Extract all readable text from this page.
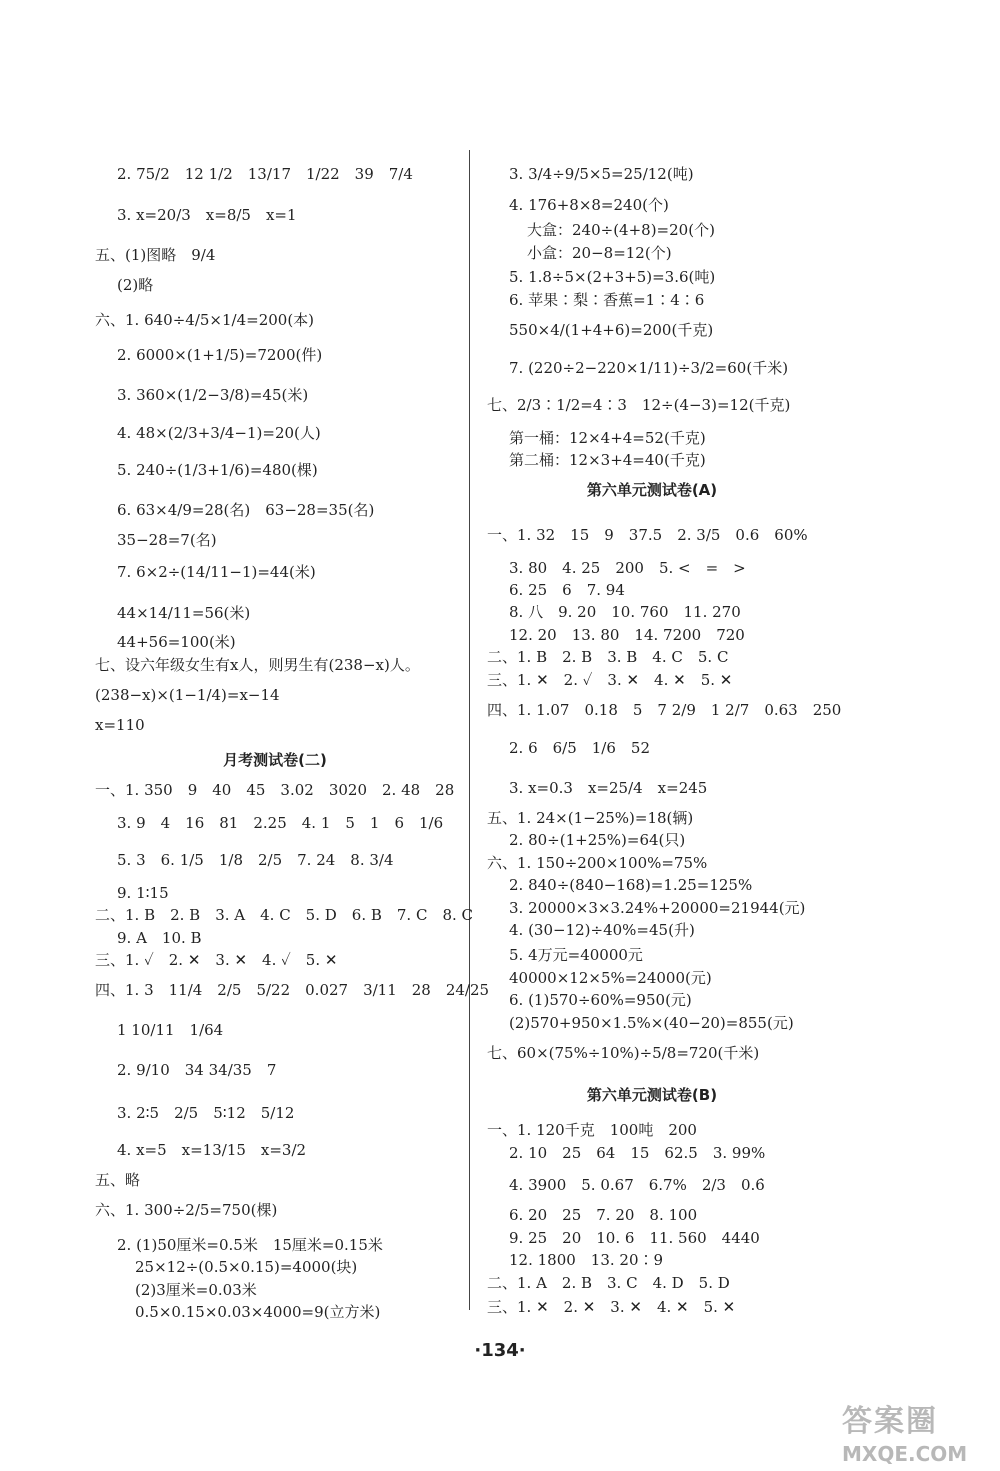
2. 75/2　12 1/2　13/17　1/22　39　7/4
3. x=20/3　x=8/5　x=1
五、(1)图略　9/4
(2)略
六、1. 640÷4/5×1/4=200(本)
2. 6000×(1+1/5)=7200(件)
3. 360×(1/2−3/8)=45(米)
4. 48×(2/3+3/4−1)=20(人)
5. 240÷(1/3+1/6)=480(棵)
6. 63×4/9=28(名)　63−28=35(名)
35−28=7(名)
7. 6×2÷(14/11−1)=44(米)
44×14/11=56(米)
44+56=100(米)
七、设六年级女生有x人，则男生有(238−x)人。
(238−x)×(1−1/4)=x−14
x=110
月考测试卷(二)
一、1. 350　9　40　45　3.02　3020　2. 48　28
3. 9　4　16　81　2.25　4. 1　5　1　6　1/6
5. 3　6. 1/5　1/8　2/5　7. 24　8. 3/4
9. 1∶15
二、1. B　2. B　3. A　4. C　5. D　6. B　7. C　8. C
9. A　10. B
三、1. ✓　2. ✕　3. ✕　4. ✓　5. ✕
四、1. 3　11/4　2/5　5/22　0.027　3/11　28　24/25
1 10/11　1/64
2. 9/10　34 34/35　7
3. 2∶5　2/5　5∶12　5/12
4. x=5　x=13/15　x=3/2
五、略
六、1. 300÷2/5=750(棵)
2. (1)50厘米=0.5米　15厘米=0.15米
25×12÷(0.5×0.15)=4000(块)
(2)3厘米=0.03米
0.5×0.15×0.03×4000=9(立方米)
3. 3/4÷9/5×5=25/12(吨)
4. 176+8×8=240(个)
大盒：240÷(4+8)=20(个)
小盒：20−8=12(个)
5. 1.8÷5×(2+3+5)=3.6(吨)
6. 苹果∶梨∶香蕉=1∶4∶6
550×4/(1+4+6)=200(千克)
7. (220÷2−220×1/11)÷3/2=60(千米)
七、2/3∶1/2=4∶3　12÷(4−3)=12(千克)
第一桶：12×4+4=52(千克)
第二桶：12×3+4=40(千克)
第六单元测试卷(A)
一、1. 32　15　9　37.5　2. 3/5　0.6　60%
3. 80　4. 25　200　5. <　=　>
6. 25　6　7. 94
8. 八　9. 20　10. 760　11. 270
12. 20　13. 80　14. 7200　720
二、1. B　2. B　3. B　4. C　5. C
三、1. ✕　2. ✓　3. ✕　4. ✕　5. ✕
四、1. 1.07　0.18　5　7 2/9　1 2/7　0.63　250
2. 6　6/5　1/6　52
3. x=0.3　x=25/4　x=245
五、1. 24×(1−25%)=18(辆)
2. 80÷(1+25%)=64(只)
六、1. 150÷200×100%=75%
2. 840÷(840−168)=1.25=125%
3. 20000×3×3.24%+20000=21944(元)
4. (30−12)÷40%=45(升)
5. 4万元=40000元
40000×12×5%=24000(元)
6. (1)570÷60%=950(元)
(2)570+950×1.5%×(40−20)=855(元)
七、60×(75%÷10%)÷5/8=720(千米)
第六单元测试卷(B)
一、1. 120千克　100吨　200
2. 10　25　64　15　62.5　3. 99%
4. 3900　5. 0.67　6.7%　2/3　0.6̇
6. 20　25　7. 20　8. 100
9. 25　20　10. 6　11. 560　4440
12. 1800　13. 20∶9
二、1. A　2. B　3. C　4. D　5. D
三、1. ✕　2. ✕　3. ✕　4. ✕　5. ✕
·134·
答案圈
MXQE.COM
